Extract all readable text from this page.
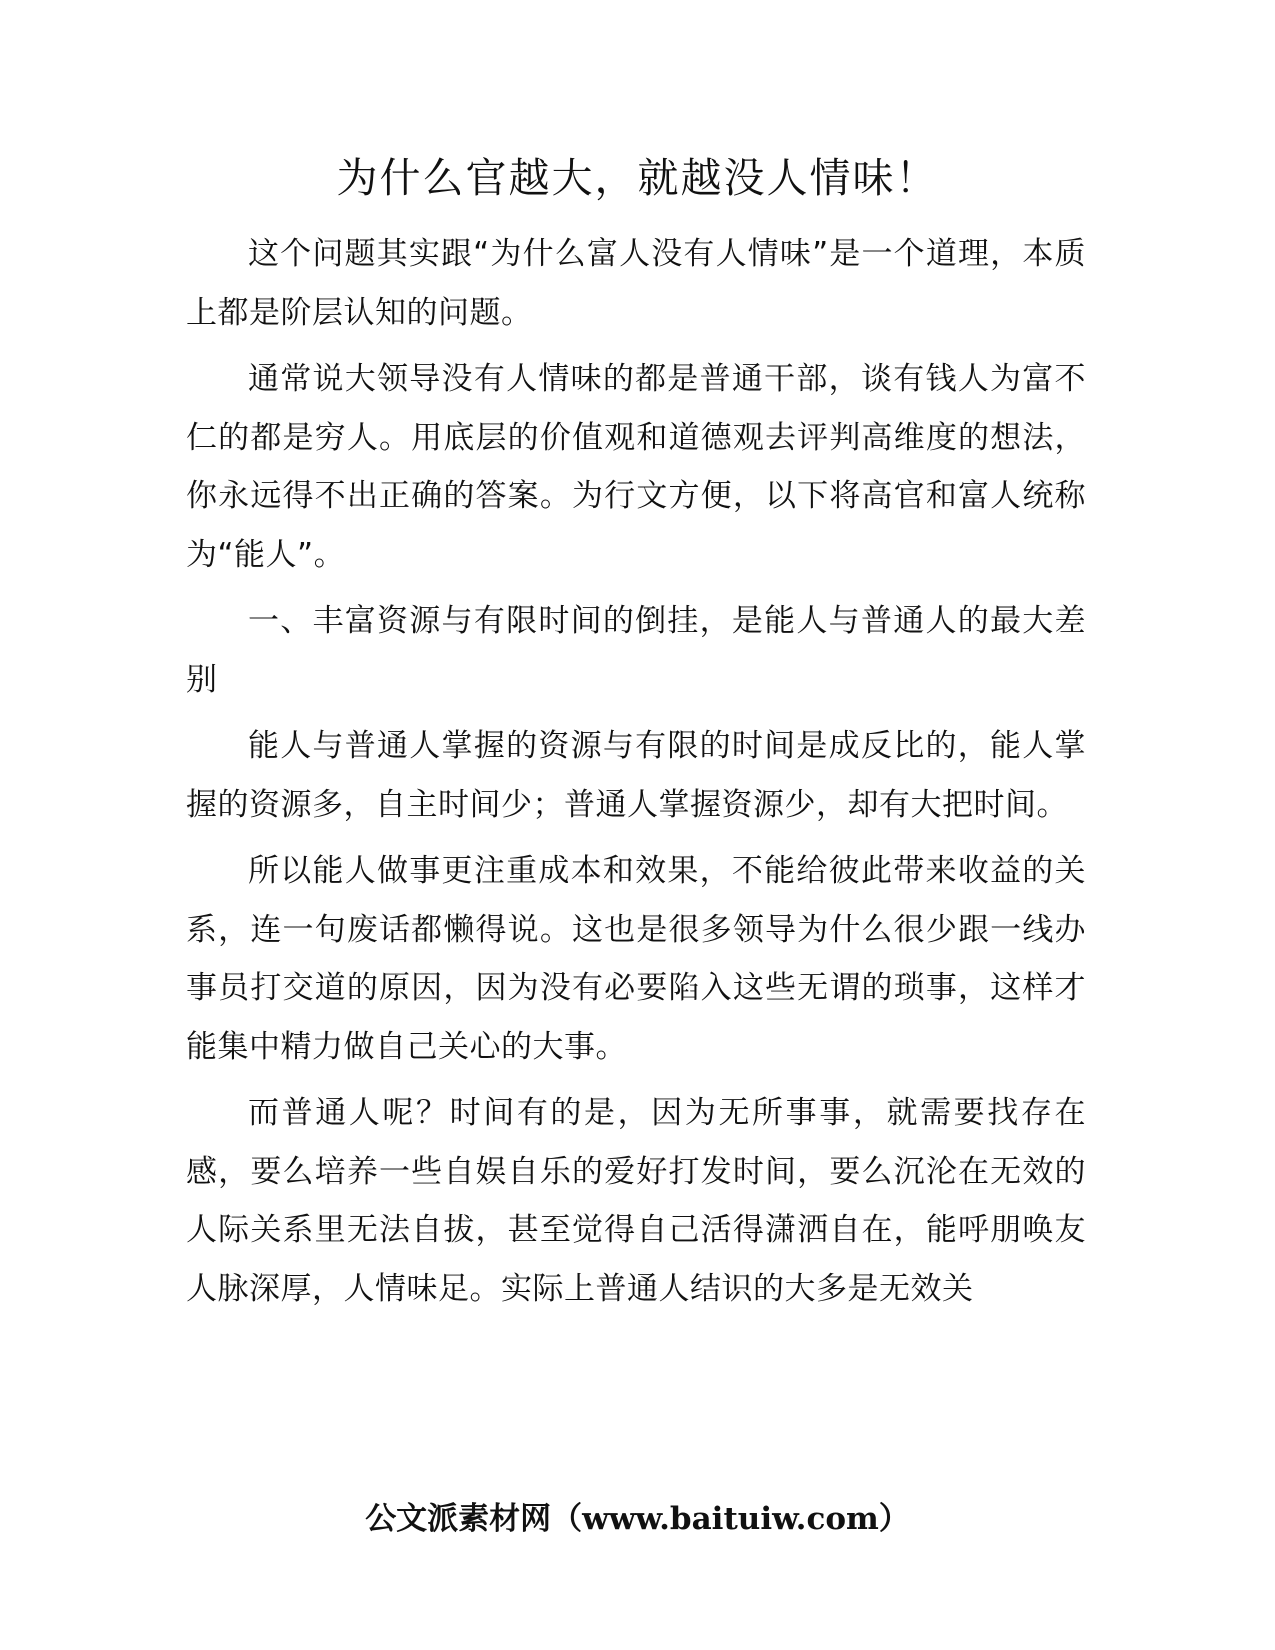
为什么官越大，就越没人情味！

这个问题其实跟“为什么富人没有人情味”是一个道理，本质上都是阶层认知的问题。

通常说大领导没有人情味的都是普通干部，谈有钱人为富不仁的都是穷人。用底层的价值观和道德观去评判高维度的想法，你永远得不出正确的答案。为行文方便，以下将高官和富人统称为“能人”。

一、丰富资源与有限时间的倒挂，是能人与普通人的最大差别

能人与普通人掌握的资源与有限的时间是成反比的，能人掌握的资源多，自主时间少；普通人掌握资源少，却有大把时间。

所以能人做事更注重成本和效果，不能给彼此带来收益的关系，连一句废话都懒得说。这也是很多领导为什么很少跟一线办事员打交道的原因，因为没有必要陷入这些无谓的琐事，这样才能集中精力做自己关心的大事。

而普通人呢？时间有的是，因为无所事事，就需要找存在感，要么培养一些自娱自乐的爱好打发时间，要么沉沦在无效的人际关系里无法自拔，甚至觉得自己活得潇洒自在，能呼朋唤友人脉深厚，人情味足。实际上普通人结识的大多是无效关

公文派素材网（www.baituiw.com）
